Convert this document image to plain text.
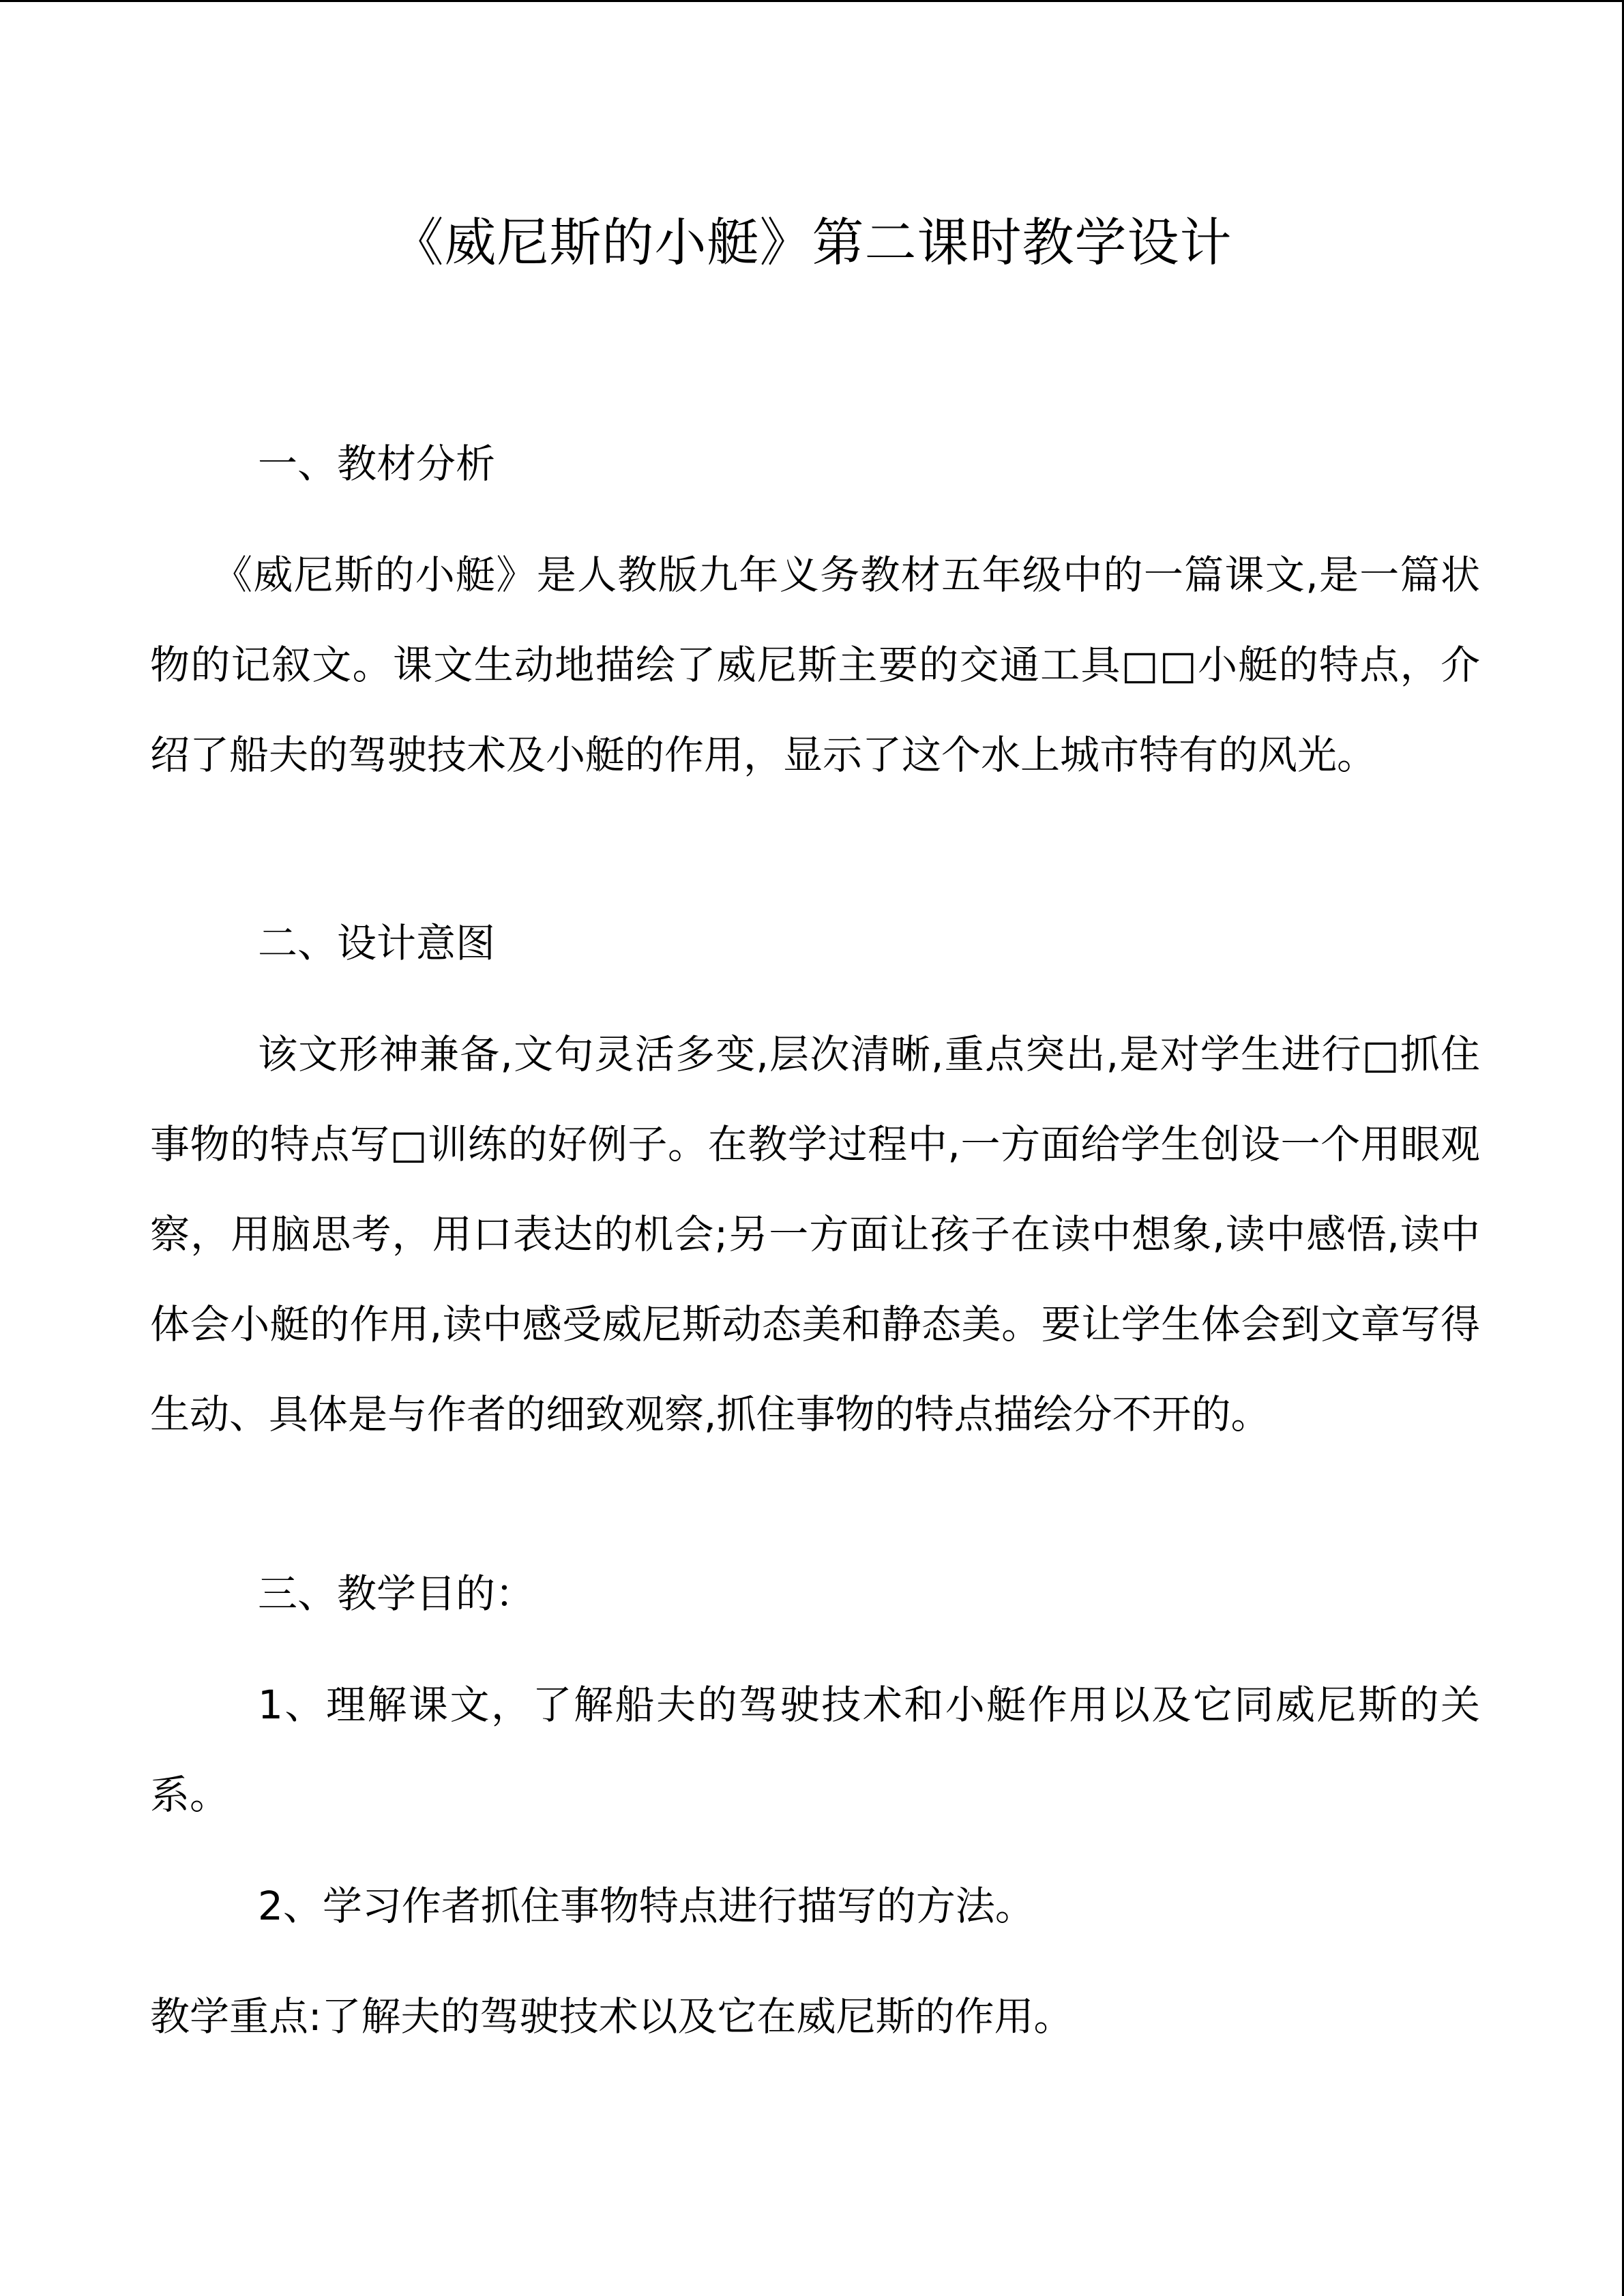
《威尼斯的小艇》第二课时教学设计
一、教材分析

《威尼斯的小艇》是人教版九年义务教材五年级中的一篇课文,是一篇状物的记叙文。课文生动地描绘了威尼斯主要的交通工具□□小艇的特点，介绍了船夫的驾驶技术及小艇的作用，显示了这个水上城市特有的风光。

二、设计意图

该文形神兼备,文句灵活多变,层次清晰,重点突出,是对学生进行□抓住事物的特点写□训练的好例子。在教学过程中,一方面给学生创设一个用眼观察，用脑思考，用口表达的机会;另一方面让孩子在读中想象,读中感悟,读中体会小艇的作用,读中感受威尼斯动态美和静态美。要让学生体会到文章写得生动、具体是与作者的细致观察,抓住事物的特点描绘分不开的。

三、教学目的：

1、理解课文，了解船夫的驾驶技术和小艇作用以及它同威尼斯的关系。

2、学习作者抓住事物特点进行描写的方法。
教学重点:了解夫的驾驶技术以及它在威尼斯的作用。
